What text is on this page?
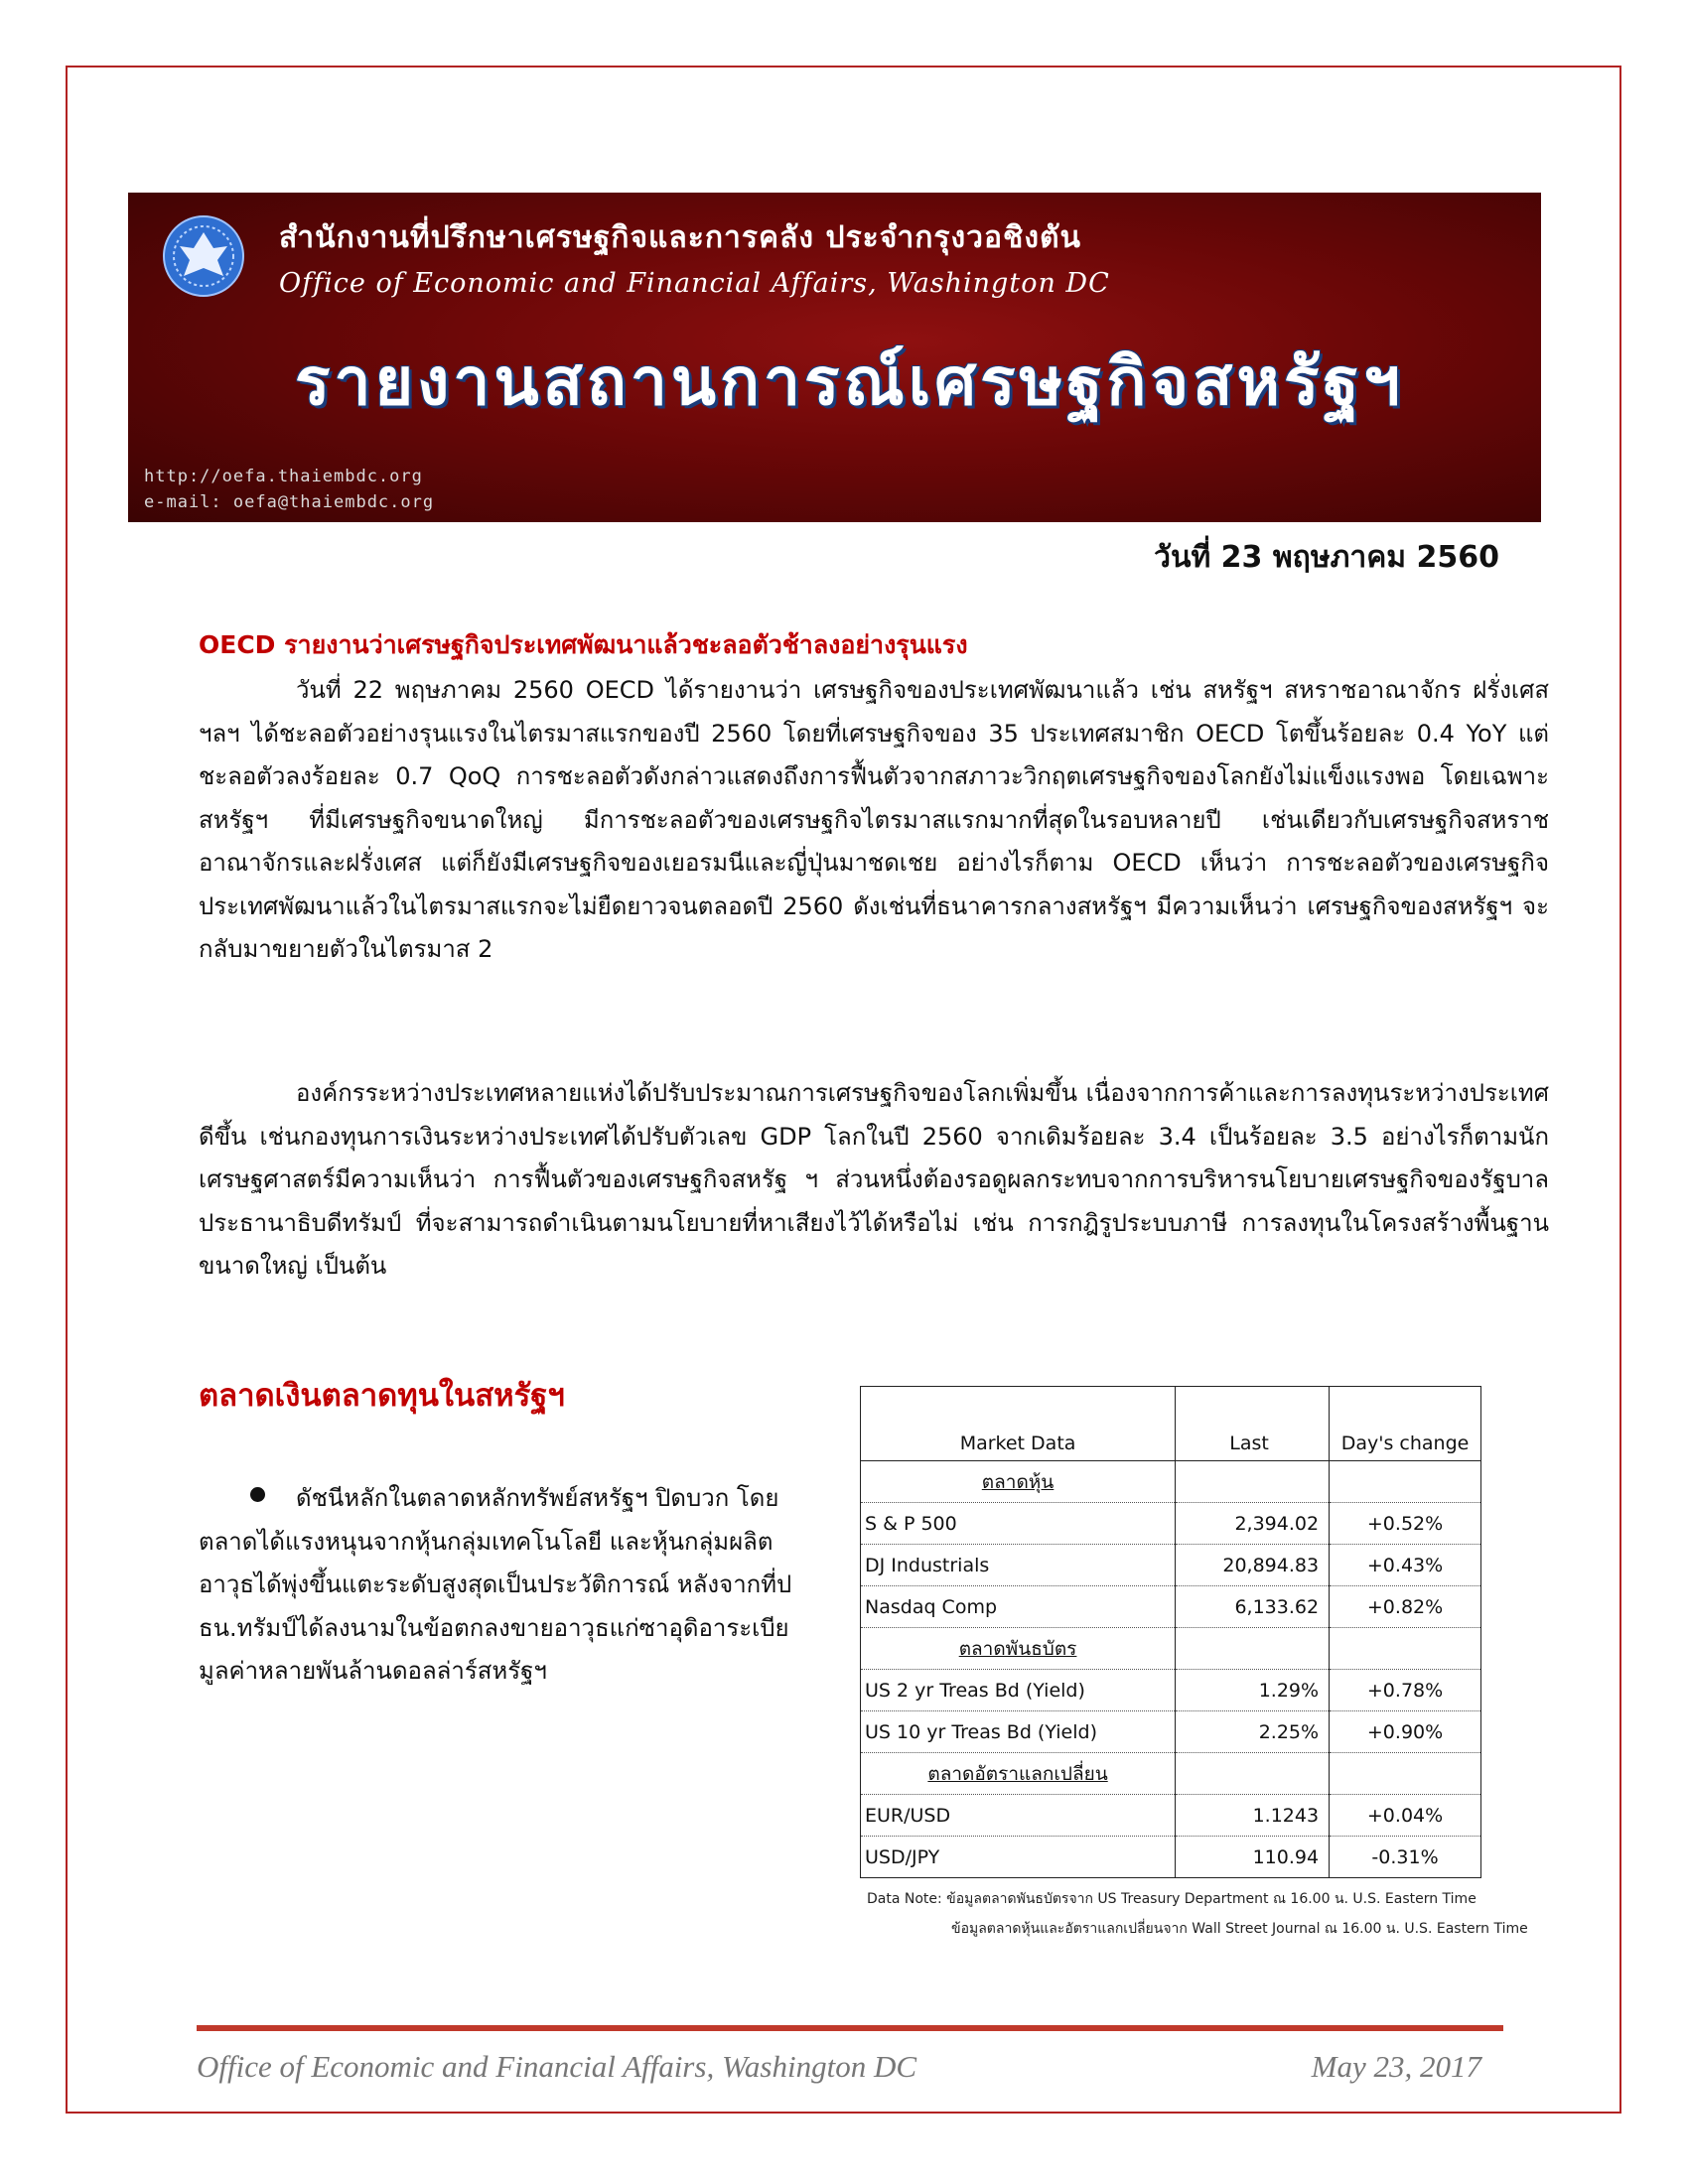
สำนักงานที่ปรึกษาเศรษฐกิจและการคลัง ประจำกรุงวอชิงตัน
Office of Economic and Financial Affairs, Washington DC
รายงานสถานการณ์เศรษฐกิจสหรัฐฯ
http://oefa.thaiembdc.org
e-mail: oefa@thaiembdc.org
วันที่ 23 พฤษภาคม 2560
OECD รายงานว่าเศรษฐกิจประเทศพัฒนาแล้วชะลอตัวช้าลงอย่างรุนแรง
วันที่ 22 พฤษภาคม 2560 OECD ได้รายงานว่า เศรษฐกิจของประเทศพัฒนาแล้ว เช่น สหรัฐฯ สหราชอาณาจักร ฝรั่งเศส ฯลฯ ได้ชะลอตัวอย่างรุนแรงในไตรมาสแรกของปี 2560 โดยที่เศรษฐกิจของ 35 ประเทศสมาชิก OECD โตขึ้นร้อยละ 0.4 YoY แต่ชะลอตัวลงร้อยละ 0.7 QoQ การชะลอตัวดังกล่าวแสดงถึงการฟื้นตัวจากสภาวะวิกฤตเศรษฐกิจของโลกยังไม่แข็งแรงพอ โดยเฉพาะสหรัฐฯ ที่มีเศรษฐกิจขนาดใหญ่ มีการชะลอตัวของเศรษฐกิจไตรมาสแรกมากที่สุดในรอบหลายปี เช่นเดียวกับเศรษฐกิจสหราชอาณาจักรและฝรั่งเศส แต่ก็ยังมีเศรษฐกิจของเยอรมนีและญี่ปุ่นมาชดเชย อย่างไรก็ตาม OECD เห็นว่า การชะลอตัวของเศรษฐกิจประเทศพัฒนาแล้วในไตรมาสแรกจะไม่ยืดยาวจนตลอดปี 2560 ดังเช่นที่ธนาคารกลางสหรัฐฯ มีความเห็นว่า เศรษฐกิจของสหรัฐฯ จะกลับมาขยายตัวในไตรมาส 2
องค์กรระหว่างประเทศหลายแห่งได้ปรับประมาณการเศรษฐกิจของโลกเพิ่มขึ้น เนื่องจากการค้าและการลงทุนระหว่างประเทศดีขึ้น เช่นกองทุนการเงินระหว่างประเทศได้ปรับตัวเลข GDP โลกในปี 2560 จากเดิมร้อยละ 3.4 เป็นร้อยละ 3.5 อย่างไรก็ตามนักเศรษฐศาสตร์มีความเห็นว่า การฟื้นตัวของเศรษฐกิจสหรัฐ ฯ ส่วนหนึ่งต้องรอดูผลกระทบจากการบริหารนโยบายเศรษฐกิจของรัฐบาลประธานาธิบดีทรัมป์ ที่จะสามารถดำเนินตามนโยบายที่หาเสียงไว้ได้หรือไม่ เช่น การกฎิรูประบบภาษี การลงทุนในโครงสร้างพื้นฐานขนาดใหญ่ เป็นต้น
ตลาดเงินตลาดทุนในสหรัฐฯ
ดัชนีหลักในตลาดหลักทรัพย์สหรัฐฯ ปิดบวก โดยตลาดได้แรงหนุนจากหุ้นกลุ่มเทคโนโลยี และหุ้นกลุ่มผลิตอาวุธได้พุ่งขึ้นแตะระดับสูงสุดเป็นประวัติการณ์ หลังจากที่ปธน.ทรัมป์ได้ลงนามในข้อตกลงขายอาวุธแก่ซาอุดิอาระเบียมูลค่าหลายพันล้านดอลล่าร์สหรัฐฯ
Market Data	Last	Day's change
ตลาดหุ้น		
S & P 500	2,394.02	+0.52%
DJ Industrials	20,894.83	+0.43%
Nasdaq Comp	6,133.62	+0.82%
ตลาดพันธบัตร		
US 2 yr Treas Bd (Yield)	1.29%	+0.78%
US 10 yr Treas Bd (Yield)	2.25%	+0.90%
ตลาดอัตราแลกเปลี่ยน		
EUR/USD	1.1243	+0.04%
USD/JPY	110.94	-0.31%
Data Note: ข้อมูลตลาดพันธบัตรจาก US Treasury Department ณ 16.00 น. U.S. Eastern Time
ข้อมูลตลาดหุ้นและอัตราแลกเปลี่ยนจาก Wall Street Journal ณ 16.00 น. U.S. Eastern Time
Office of Economic and Financial Affairs, Washington DC	May 23, 2017
